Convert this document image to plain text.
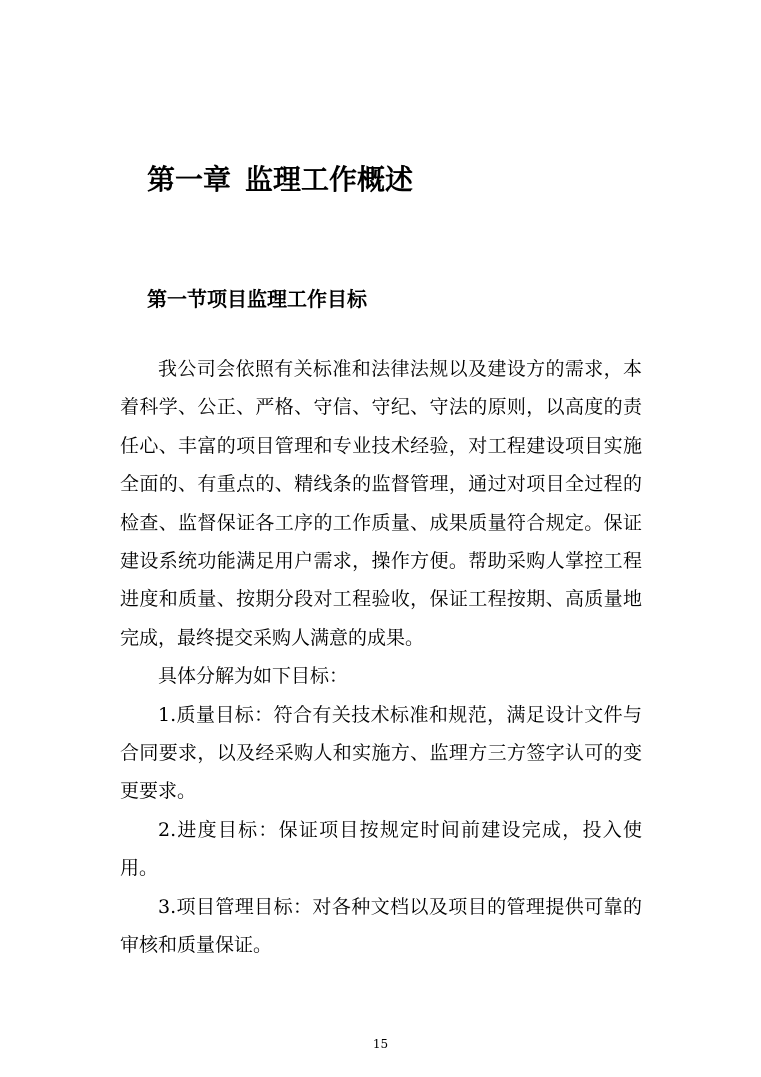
第一章 监理工作概述
第一节项目监理工作目标

我公司会依照有关标准和法律法规以及建设方的需求，本着科学、公正、严格、守信、守纪、守法的原则，以高度的责任心、丰富的项目管理和专业技术经验，对工程建设项目实施全面的、有重点的、精线条的监督管理，通过对项目全过程的检查、监督保证各工序的工作质量、成果质量符合规定。保证建设系统功能满足用户需求，操作方便。帮助采购人掌控工程进度和质量、按期分段对工程验收，保证工程按期、高质量地完成，最终提交采购人满意的成果。

具体分解为如下目标：

1.质量目标：符合有关技术标准和规范，满足设计文件与合同要求，以及经采购人和实施方、监理方三方签字认可的变更要求。

2.进度目标：保证项目按规定时间前建设完成，投入使用。

3.项目管理目标：对各种文档以及项目的管理提供可靠的审核和质量保证。

15
